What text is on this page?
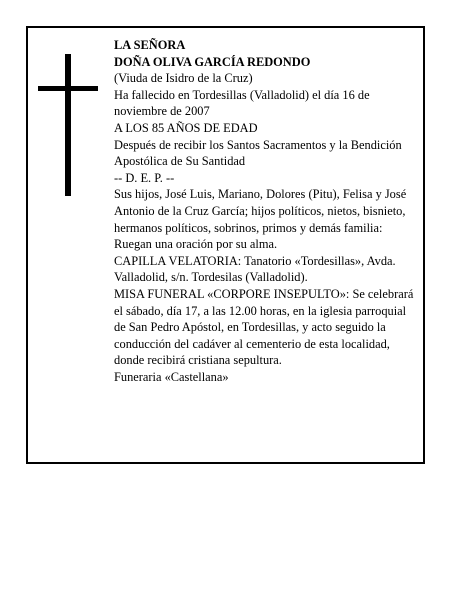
LA SEÑORA

DOÑA OLIVA GARCÍA REDONDO

(Viuda de Isidro de la Cruz)

Ha fallecido en Tordesillas (Valladolid) el día 16 de noviembre de 2007

A LOS 85 AÑOS DE EDAD

Después de recibir los Santos Sacramentos y la Bendición Apostólica de Su Santidad

-- D. E. P. --

Sus hijos, José Luis, Mariano, Dolores (Pitu), Felisa y José Antonio de la Cruz García; hijos políticos, nietos, bisnieto, hermanos políticos, sobrinos, primos y demás familia:

Ruegan una oración por su alma.

CAPILLA VELATORIA: Tanatorio «Tordesillas», Avda. Valladolid, s/n. Tordesilas (Valladolid).

MISA FUNERAL «CORPORE INSEPULTO»: Se celebrará el sábado, día 17, a las 12.00 horas, en la iglesia parroquial de San Pedro Apóstol, en Tordesillas, y acto seguido la conducción del cadáver al cementerio de esta localidad, donde recibirá cristiana sepultura.

Funeraria «Castellana»
